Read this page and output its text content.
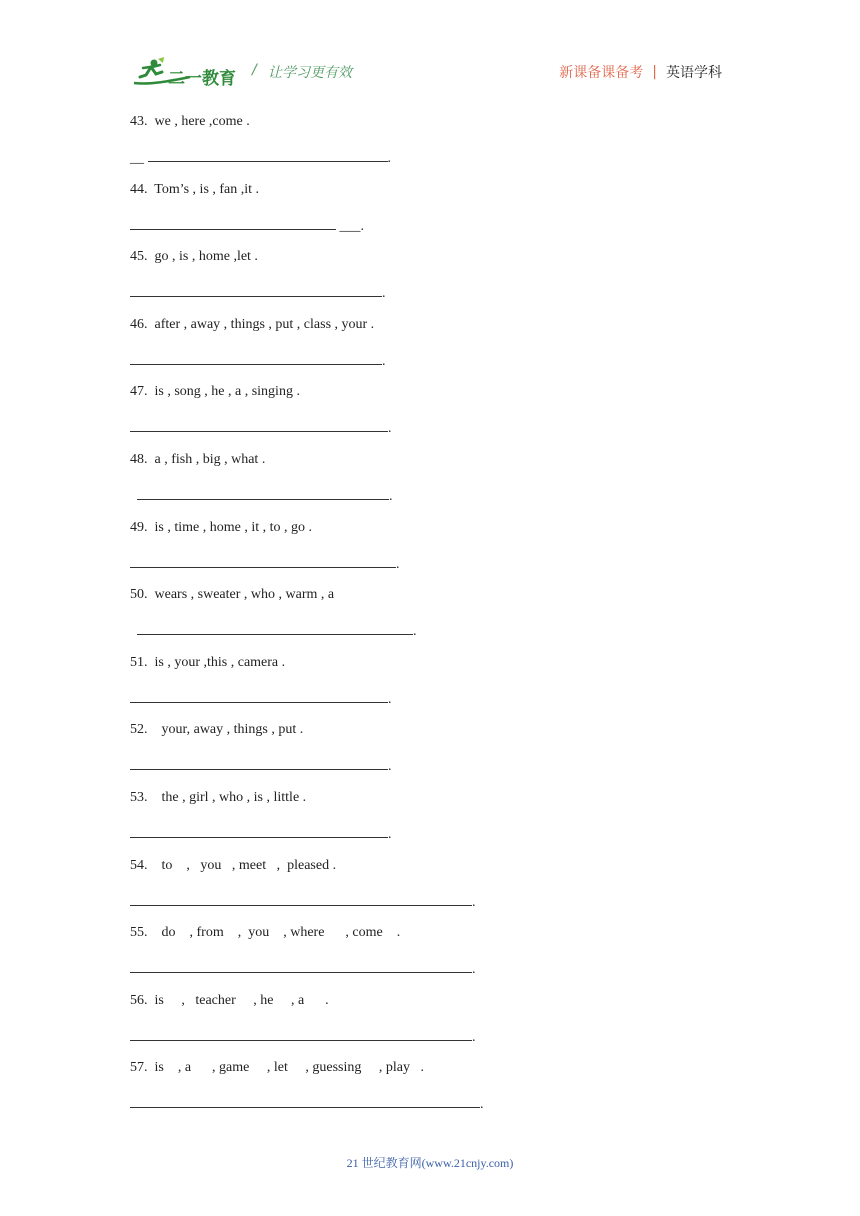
二一教育 / 让学习更有效	新课备课备考 | 英语学科
43. we , here ,come .
__	.
44. Tom’s , is , fan ,it .
___.
45. go , is , home ,let .
.
46. after , away , things , put , class , your .
.
47. is , song , he , a , singing .
.
48. a , fish , big , what .
.
49. is , time , home , it , to , go .
.
50. wears , sweater , who , warm , a
.
51. is , your ,this , camera .
.
52.    your, away , things , put .
.
53.    the , girl , who , is , little .
.
54.    to    ,   you   , meet   ,  pleased .
.
55.    do    , from    ,  you    , where      , come    .
.
56. is     ,   teacher     , he     , a      .
.
57. is    , a      , game     , let     , guessing     , play   .
.
21 世纪教育网(www.21cnjy.com)
